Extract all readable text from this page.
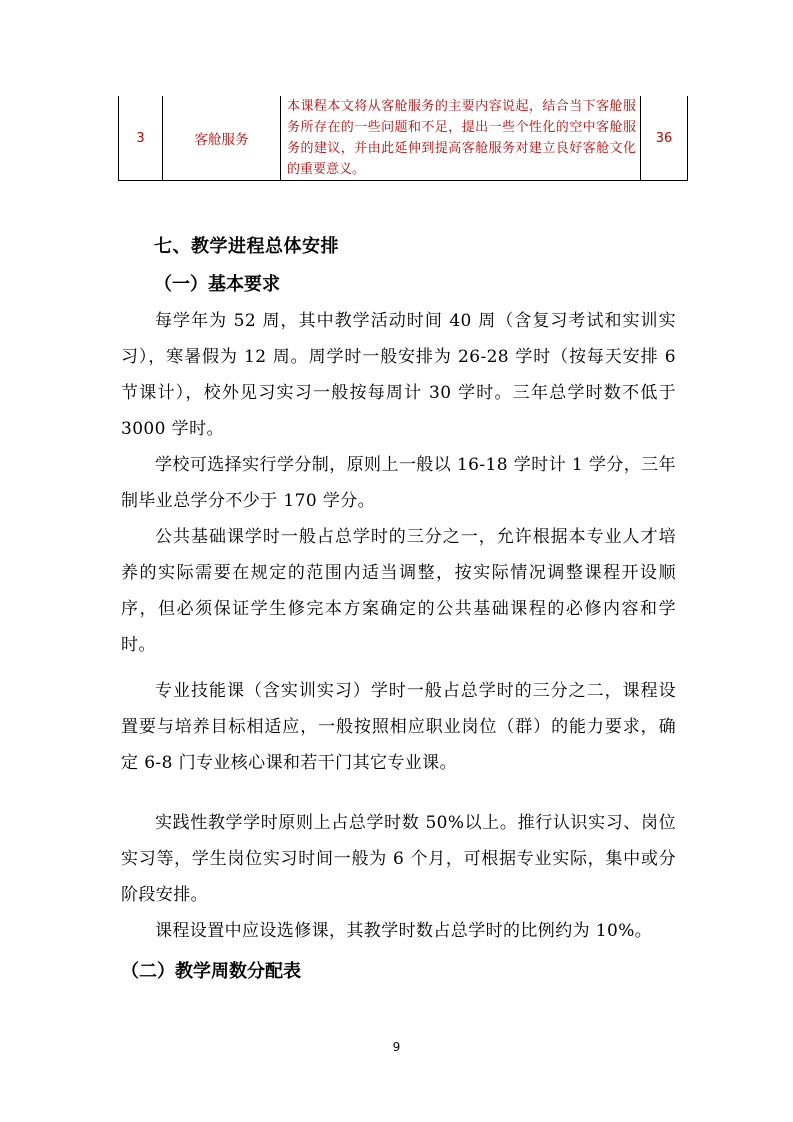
3	客舱服务	本课程本文将从客舱服务的主要内容说起，结合当下客舱服务所存在的一些问题和不足，提出一些个性化的空中客舱服务的建议，并由此延伸到提高客舱服务对建立良好客舱文化的重要意义。	36
七、教学进程总体安排
（一）基本要求
每学年为 52 周，其中教学活动时间 40 周（含复习考试和实训实习），寒暑假为 12 周。周学时一般安排为 26-28 学时（按每天安排 6 节课计），校外见习实习一般按每周计 30 学时。三年总学时数不低于 3000 学时。
学校可选择实行学分制，原则上一般以 16-18 学时计 1 学分，三年制毕业总学分不少于 170 学分。
公共基础课学时一般占总学时的三分之一，允许根据本专业人才培养的实际需要在规定的范围内适当调整，按实际情况调整课程开设顺序，但必须保证学生修完本方案确定的公共基础课程的必修内容和学时。
专业技能课（含实训实习）学时一般占总学时的三分之二，课程设置要与培养目标相适应，一般按照相应职业岗位（群）的能力要求，确定 6-8 门专业核心课和若干门其它专业课。
实践性教学学时原则上占总学时数 50%以上。推行认识实习、岗位实习等，学生岗位实习时间一般为 6 个月，可根据专业实际，集中或分阶段安排。
课程设置中应设选修课，其教学时数占总学时的比例约为 10%。
（二）教学周数分配表
9
